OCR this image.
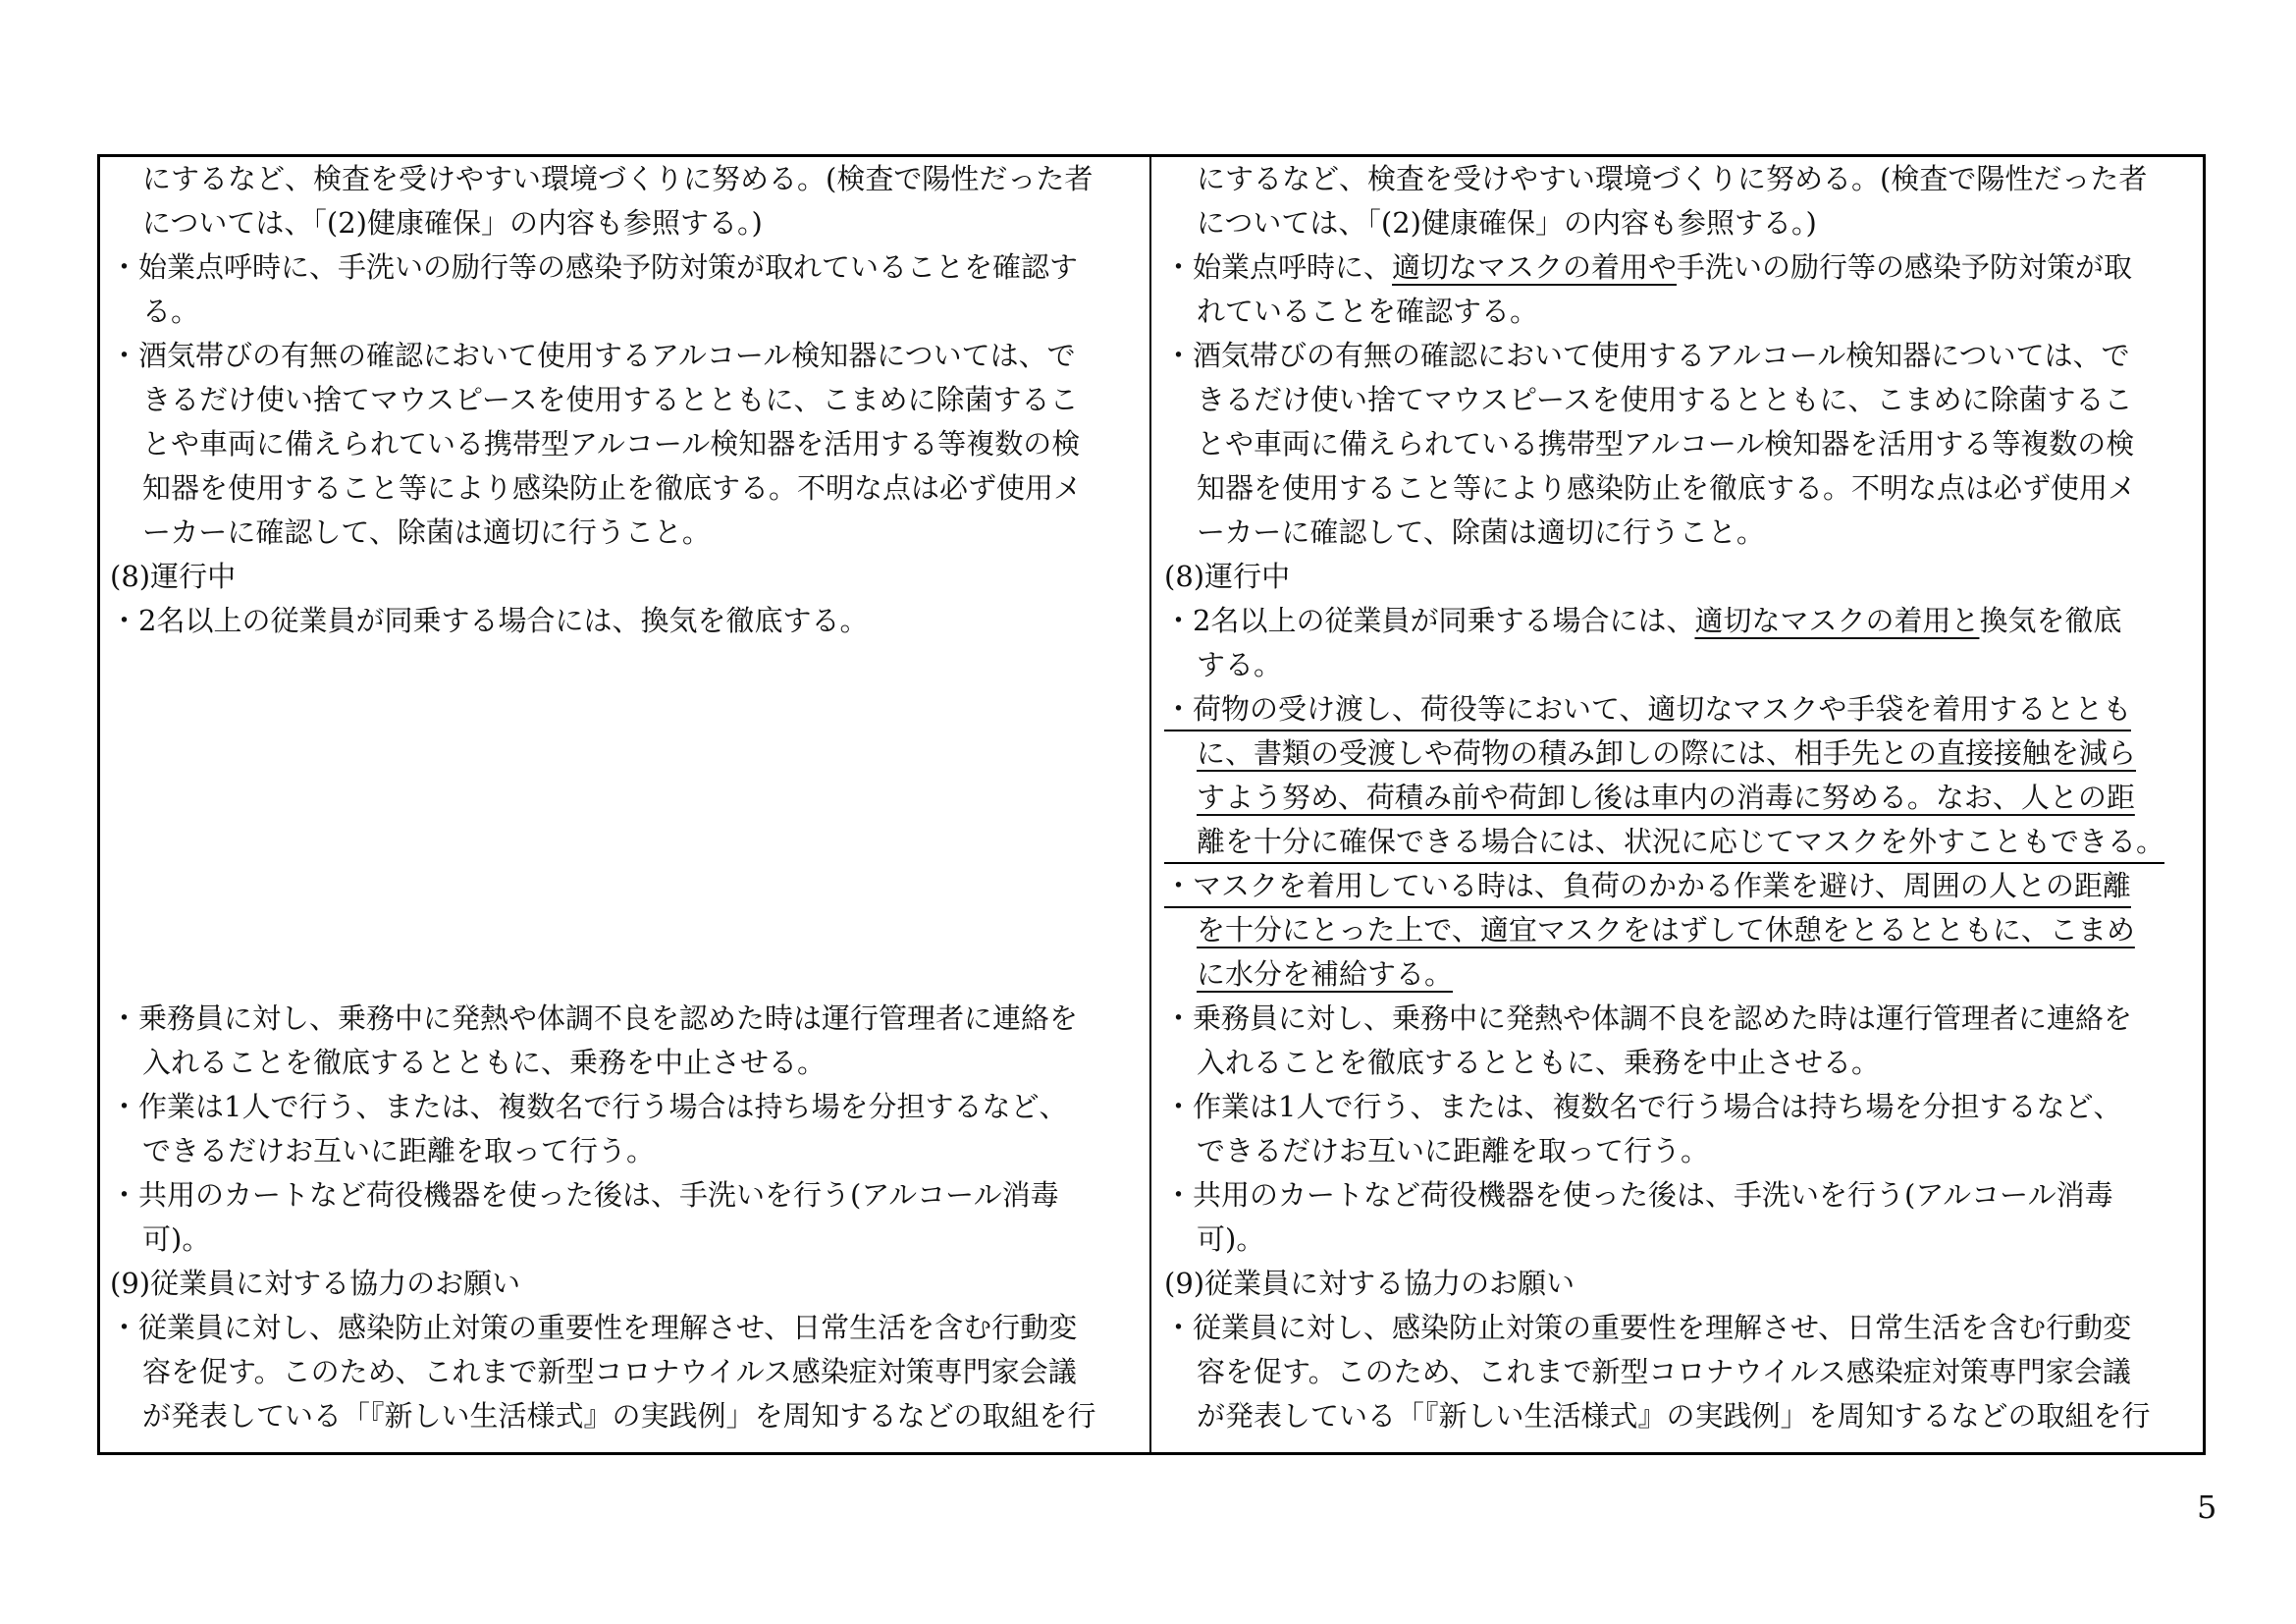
にするなど、検査を受けやすい環境づくりに努める。(検査で陽性だった者
については、「(2)健康確保」の内容も参照する。)
・始業点呼時に、手洗いの励行等の感染予防対策が取れていることを確認す
る。
・酒気帯びの有無の確認において使用するアルコール検知器については、で
きるだけ使い捨てマウスピースを使用するとともに、こまめに除菌するこ
とや車両に備えられている携帯型アルコール検知器を活用する等複数の検
知器を使用すること等により感染防止を徹底する。不明な点は必ず使用メ
ーカーに確認して、除菌は適切に行うこと。
(8)運行中
・2名以上の従業員が同乗する場合には、換気を徹底する。
・乗務員に対し、乗務中に発熱や体調不良を認めた時は運行管理者に連絡を
入れることを徹底するとともに、乗務を中止させる。
・作業は1人で行う、または、複数名で行う場合は持ち場を分担するなど、
できるだけお互いに距離を取って行う。
・共用のカートなど荷役機器を使った後は、手洗いを行う(アルコール消毒
可)。
(9)従業員に対する協力のお願い
・従業員に対し、感染防止対策の重要性を理解させ、日常生活を含む行動変
容を促す。このため、これまで新型コロナウイルス感染症対策専門家会議
が発表している「『新しい生活様式』の実践例」を周知するなどの取組を行
にするなど、検査を受けやすい環境づくりに努める。(検査で陽性だった者
については、「(2)健康確保」の内容も参照する。)
・始業点呼時に、適切なマスクの着用や手洗いの励行等の感染予防対策が取
れていることを確認する。
・酒気帯びの有無の確認において使用するアルコール検知器については、で
きるだけ使い捨てマウスピースを使用するとともに、こまめに除菌するこ
とや車両に備えられている携帯型アルコール検知器を活用する等複数の検
知器を使用すること等により感染防止を徹底する。不明な点は必ず使用メ
ーカーに確認して、除菌は適切に行うこと。
(8)運行中
・2名以上の従業員が同乗する場合には、適切なマスクの着用と換気を徹底
する。
・荷物の受け渡し、荷役等において、適切なマスクや手袋を着用するととも
に、書類の受渡しや荷物の積み卸しの際には、相手先との直接接触を減ら
すよう努め、荷積み前や荷卸し後は車内の消毒に努める。なお、人との距
離を十分に確保できる場合には、状況に応じてマスクを外すこともできる。
・マスクを着用している時は、負荷のかかる作業を避け、周囲の人との距離
を十分にとった上で、適宜マスクをはずして休憩をとるとともに、こまめ
に水分を補給する。
・乗務員に対し、乗務中に発熱や体調不良を認めた時は運行管理者に連絡を
入れることを徹底するとともに、乗務を中止させる。
・作業は1人で行う、または、複数名で行う場合は持ち場を分担するなど、
できるだけお互いに距離を取って行う。
・共用のカートなど荷役機器を使った後は、手洗いを行う(アルコール消毒
可)。
(9)従業員に対する協力のお願い
・従業員に対し、感染防止対策の重要性を理解させ、日常生活を含む行動変
容を促す。このため、これまで新型コロナウイルス感染症対策専門家会議
が発表している「『新しい生活様式』の実践例」を周知するなどの取組を行
5
